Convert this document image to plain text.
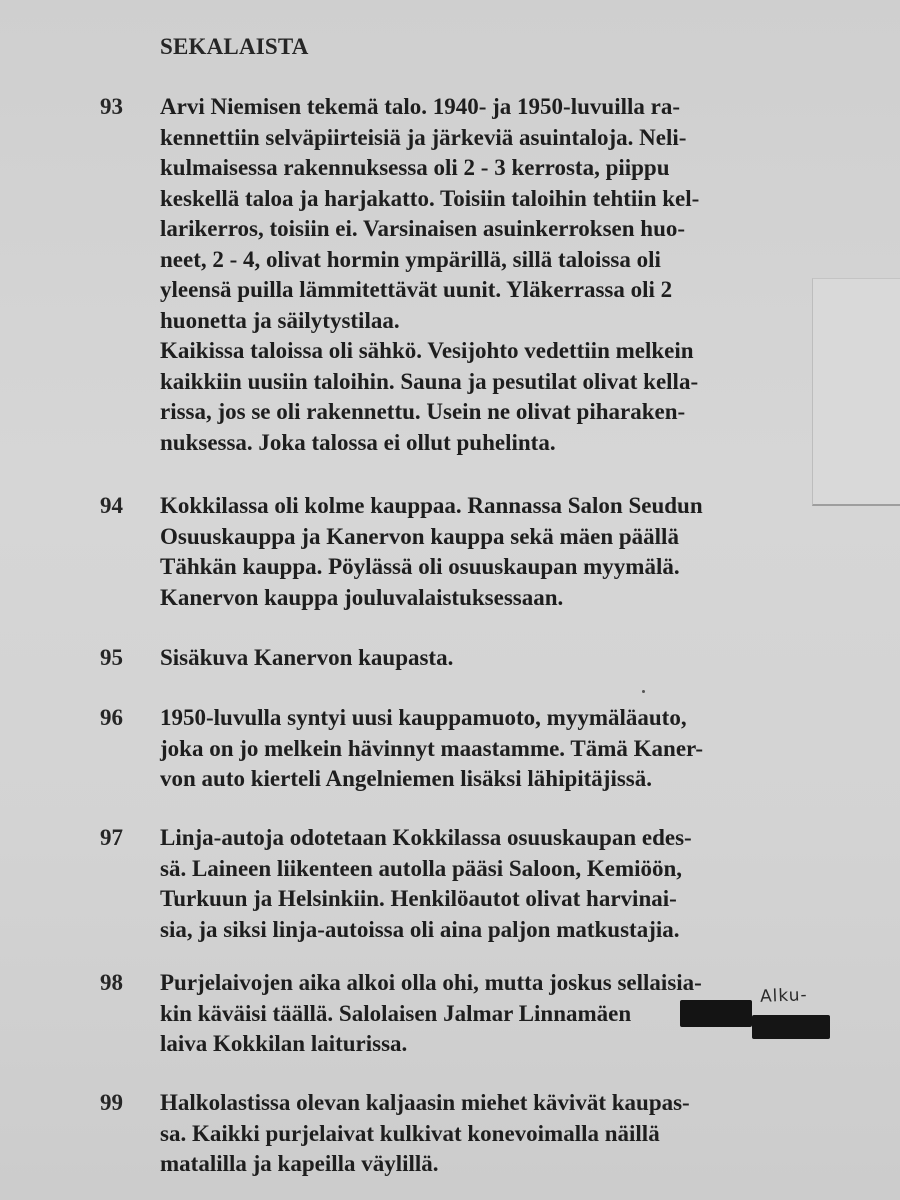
SEKALAISTA
93	Arvi Niemisen tekemä talo. 1940- ja 1950-luvuilla ra-
kennettiin selväpiirteisiä ja järkeviä asuintaloja. Neli-
kulmaisessa rakennuksessa oli 2 - 3 kerrosta, piippu
keskellä taloa ja harjakatto. Toisiin taloihin tehtiin kel-
larikerros, toisiin ei. Varsinaisen asuinkerroksen huo-
neet, 2 - 4, olivat hormin ympärillä, sillä taloissa oli
yleensä puilla lämmitettävät uunit. Yläkerrassa oli 2
huonetta ja säilytystilaa.
Kaikissa taloissa oli sähkö. Vesijohto vedettiin melkein
kaikkiin uusiin taloihin. Sauna ja pesutilat olivat kella-
rissa, jos se oli rakennettu. Usein ne olivat piharaken-
nuksessa. Joka talossa ei ollut puhelinta.
94	Kokkilassa oli kolme kauppaa. Rannassa Salon Seudun
Osuuskauppa ja Kanervon kauppa sekä mäen päällä
Tähkän kauppa. Pöylässä oli osuuskaupan myymälä.
Kanervon kauppa jouluvalaistuksessaan.
95	Sisäkuva Kanervon kaupasta.
96	1950-luvulla syntyi uusi kauppamuoto, myymäläauto,
joka on jo melkein hävinnyt maastamme. Tämä Kaner-
von auto kierteli Angelniemen lisäksi lähipitäjissä.
97	Linja-autoja odotetaan Kokkilassa osuuskaupan edes-
sä. Laineen liikenteen autolla pääsi Saloon, Kemiöön,
Turkuun ja Helsinkiin. Henkilöautot olivat harvinai-
sia, ja siksi linja-autoissa oli aina paljon matkustajia.
98	Purjelaivojen aika alkoi olla ohi, mutta joskus sellaisia-
kin käväisi täällä. Salolaisen Jalmar Linnamäen
laiva Kokkilan laiturissa.
Alku-
99	Halkolastissa olevan kaljaasin miehet kävivät kaupas-
sa. Kaikki purjelaivat kulkivat konevoimalla näillä
matalilla ja kapeilla väylillä.
